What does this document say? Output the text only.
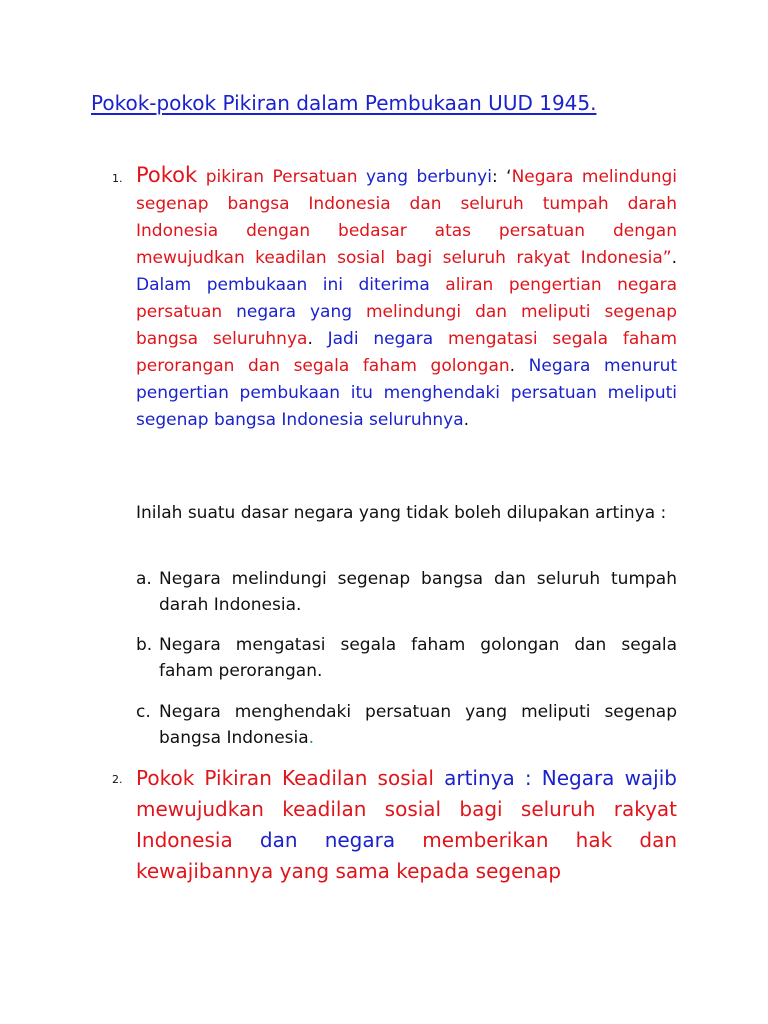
Pokok-pokok Pikiran dalam Pembukaan UUD 1945.
1. Pokok pikiran Persatuan yang berbunyi: ‘Negara melindungi segenap bangsa Indonesia dan seluruh tumpah darah Indonesia dengan bedasar atas persatuan dengan mewujudkan keadilan sosial bagi seluruh rakyat Indonesia”. Dalam pembukaan ini diterima aliran pengertian negara persatuan negara yang melindungi dan meliputi segenap bangsa seluruhnya. Jadi negara mengatasi segala faham perorangan dan segala faham golongan. Negara menurut pengertian pembukaan itu menghendaki persatuan meliputi segenap bangsa Indonesia seluruhnya.
Inilah suatu dasar negara yang tidak boleh dilupakan artinya :
a. Negara melindungi segenap bangsa dan seluruh tumpah darah Indonesia.
b. Negara mengatasi segala faham golongan dan segala faham perorangan.
c. Negara menghendaki persatuan yang meliputi segenap bangsa Indonesia.
2. Pokok Pikiran Keadilan sosial artinya : Negara wajib mewujudkan keadilan sosial bagi seluruh rakyat Indonesia dan negara memberikan hak dan kewajibannya yang sama kepada segenap
